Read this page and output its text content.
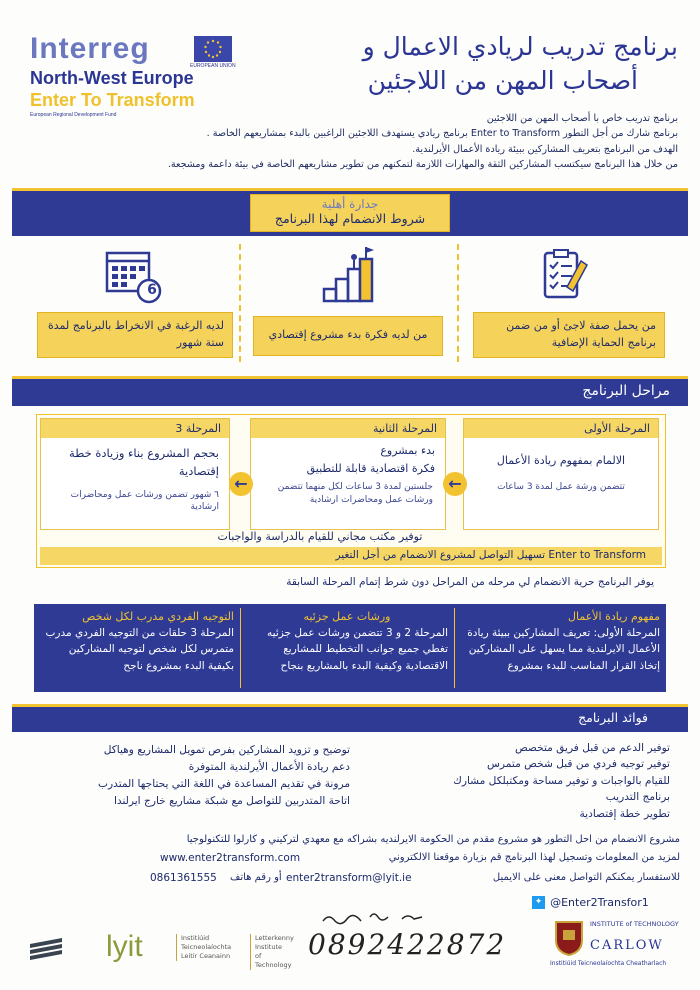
Interreg
North-West Europe
Enter To Transform
European Regional Development Fund
EUROPEAN UNION
برنامج تدريب لريادي الاعمال و
أصحاب المهن من اللاجئين
برنامج تدريب خاص با أصحاب المهن من اللاجئين
برنامج شارك من أجل التطور Enter to Transform برنامج ريادي يستهدف اللاجئين الراغبين بالبدء بمشاريعهم الخاصة .
الهدف من البرنامج بتعريف المشاركين ببيئة ريادة الأعمال الأيرلندية.
من خلال هذا البرنامج سيكتسب المشاركين الثقة والمهارات اللازمة لتمكنهم من تطوير مشاريعهم الخاصة في بيئة داعمة ومشجعة.
جدارة أهلية
شروط الانضمام لهذا البرنامج
6
من يحمل صفة لاجئ أو من ضمن برنامج الحماية الإضافية
من لديه فكرة بدء مشروع إقتصادي
لديه الرغبة في الانخراط بالبرنامج لمدة ستة شهور
مراحل البرنامج
المرحلة الأولى
الالمام بمفهوم ريادة الأعمال
تتضمن ورشة عمل لمدة 3 ساعات
المرحلة الثانية
بدء بمشروع
فكرة اقتصادية قابلة للتطبيق
جلستين لمدة 3 ساعات لكل منهما تتضمن ورشات عمل ومحاضرات ارشادية
المرحلة 3
بحجم المشروع بناء وزيادة خطة إقتصادية
٦ شهور تضمن ورشات عمل ومحاضرات ارشادية
←
←
توفير مكتب مجاني للقيام بالدراسة والواجبات
Enter to Transform تسهيل التواصل لمشروع الانضمام من أجل التغير
يوفر البرنامج حرية الانضمام لي مرحله من المراحل دون شرط إتمام المرحلة السابقة
مفهوم ريادة الأعمال
المرحلة الأولى: تعريف المشاركين ببيئة ريادة الأعمال الايرلندية مما يسهل على المشاركين إتخاذ القرار المناسب للبدء بمشروع
ورشات عمل جزئيه
المرحلة 2 و 3 تتضمن ورشات عمل جزئيه تغطي جميع جوانب التخطيط للمشاريع الاقتصادية وكيفية البدء بالمشاريع بنجاح
التوجيه الفردي مدرب لكل شخص
المرحلة 3 حلقات من التوجيه الفردي مدرب متمرس لكل شخص لتوجيه المشاركين بكيفية البدء بمشروع ناجح
فوائد البرنامج
توفير الدعم من قبل فريق متخصص
توفير توجيه فردي من قبل شخص متمرس
للقيام بالواجبات و توفير مساحة ومكتبلكل مشارك
برنامج التدريب
تطوير خطة إقتصادية
توضيح و تزويد المشاركين بفرص تمويل المشاريع وهياكل
دعم ريادة الأعمال الأيرلندية المتوفرة
مرونة في تقديم المساعدة في اللغة التي يحتاجها المتدرب
اتاحة المتدربين للتواصل مع شبكة مشاريع خارج ايرلندا
مشروع الانضمام من احل التطور هو مشروع مقدم من الحكومة الايرلنديه بشراكه مع معهدي لتركيني و كارلوا للتكنولوجيا
لمزيد من المعلومات وتسجيل لهذا البرنامج قم بزيارة موقعنا الالكتروني
www.enter2transform.com
للاستفسار يمكنكم التواصل معنى على الايميل
enter2transform@lyit.ie
أو رقم هاتف
0861361555
✦ @Enter2Transfor1
lyit	Institiúid
Teicneolaíochta
Leitir Ceanainn
Letterkenny
Institute
of Technology
0892422872
INSTITUTE of TECHNOLOGY
CARLOW
Institiúid Teicneolaíochta Cheatharlach
